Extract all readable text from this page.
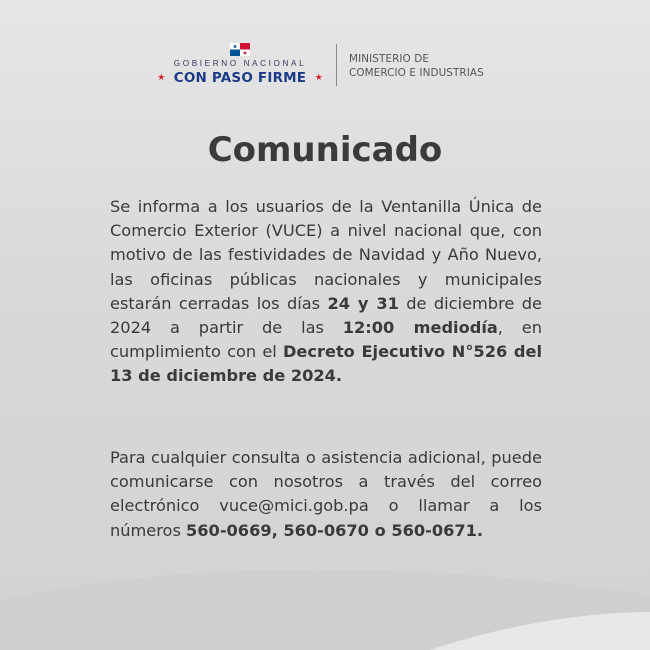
GOBIERNO NACIONAL
★ CON PASO FIRME ★
MINISTERIO DE
COMERCIO E INDUSTRIAS
Comunicado

Se informa a los usuarios de la Ventanilla Única de Comercio Exterior (VUCE) a nivel nacional que, con motivo de las festividades de Navidad y Año Nuevo, las oficinas públicas nacionales y municipales estarán cerradas los días 24 y 31 de diciembre de 2024 a partir de las 12:00 mediodía, en cumplimiento con el Decreto Ejecutivo N°526 del 13 de diciembre de 2024.

Para cualquier consulta o asistencia adicional, puede comunicarse con nosotros a través del correo electrónico vuce@mici.gob.pa o llamar a los números 560-0669, 560-0670 o 560-0671.
